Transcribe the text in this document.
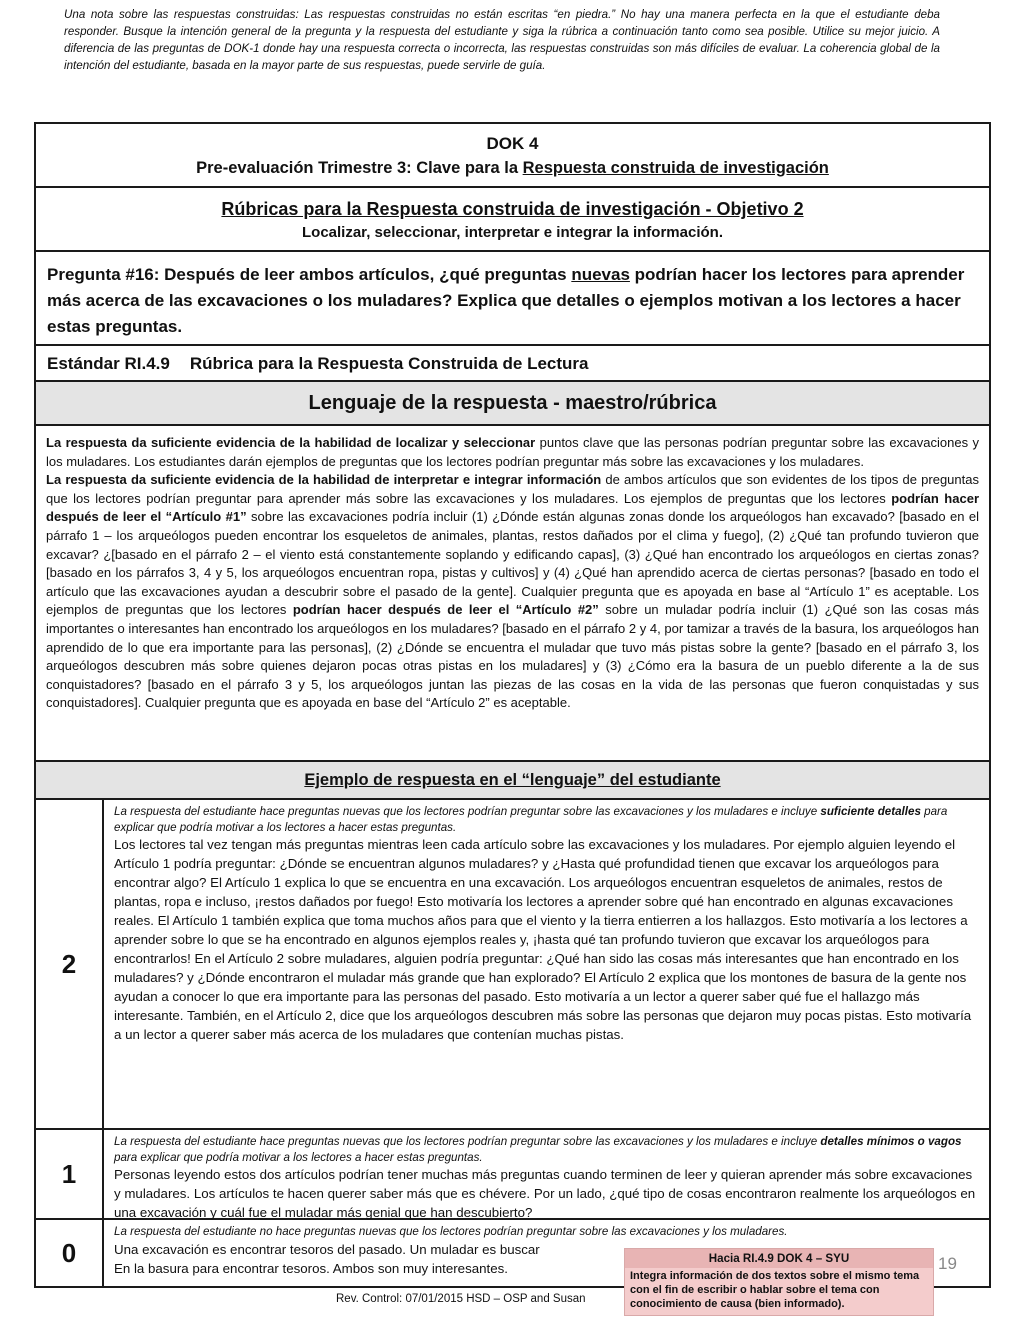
Una nota sobre las respuestas construidas: Las respuestas construidas no están escritas “en piedra.” No hay una manera perfecta en la que el estudiante deba responder. Busque la intención general de la pregunta y la respuesta del estudiante y siga la rúbrica a continuación tanto como sea posible. Utilice su mejor juicio. A diferencia de las preguntas de DOK-1 donde hay una respuesta correcta o incorrecta, las respuestas construidas son más difíciles de evaluar. La coherencia global de la intención del estudiante, basada en la mayor parte de sus respuestas, puede servirle de guía.
DOK 4
Pre-evaluación Trimestre 3: Clave para la Respuesta construida de investigación
Rúbricas para la Respuesta construida de investigación - Objetivo 2
Localizar, seleccionar, interpretar e integrar la información.
Pregunta #16: Después de leer ambos artículos, ¿qué preguntas nuevas podrían hacer los lectores para aprender más acerca de las excavaciones o los muladares? Explica que detalles o ejemplos motivan a los lectores a hacer estas preguntas.
Estándar RI.4.9 Rúbrica para la Respuesta Construida de Lectura
Lenguaje de la respuesta - maestro/rúbrica

La respuesta da suficiente evidencia de la habilidad de localizar y seleccionar puntos clave que las personas podrían preguntar sobre las excavaciones y los muladares. Los estudiantes darán ejemplos de preguntas que los lectores podrían preguntar más sobre las excavaciones y los muladares.

La respuesta da suficiente evidencia de la habilidad de interpretar e integrar información de ambos artículos que son evidentes de los tipos de preguntas que los lectores podrían preguntar para aprender más sobre las excavaciones y los muladares. Los ejemplos de preguntas que los lectores podrían hacer después de leer el “Artículo #1” sobre las excavaciones podría incluir (1) ¿Dónde están algunas zonas donde los arqueólogos han excavado? [basado en el párrafo 1 – los arqueólogos pueden encontrar los esqueletos de animales, plantas, restos dañados por el clima y fuego], (2) ¿Qué tan profundo tuvieron que excavar? ¿[basado en el párrafo 2 – el viento está constantemente soplando y edificando capas], (3) ¿Qué han encontrado los arqueólogos en ciertas zonas? [basado en los párrafos 3, 4 y 5, los arqueólogos encuentran ropa, pistas y cultivos] y (4) ¿Qué han aprendido acerca de ciertas personas? [basado en todo el artículo que las excavaciones ayudan a descubrir sobre el pasado de la gente]. Cualquier pregunta que es apoyada en base al “Artículo 1” es aceptable. Los ejemplos de preguntas que los lectores podrían hacer después de leer el “Artículo #2” sobre un muladar podría incluir (1) ¿Qué son las cosas más importantes o interesantes han encontrado los arqueólogos en los muladares? [basado en el párrafo 2 y 4, por tamizar a través de la basura, los arqueólogos han aprendido de lo que era importante para las personas], (2) ¿Dónde se encuentra el muladar que tuvo más pistas sobre la gente? [basado en el párrafo 3, los arqueólogos descubren más sobre quienes dejaron pocas otras pistas en los muladares] y (3) ¿Cómo era la basura de un pueblo diferente a la de sus conquistadores? [basado en el párrafo 3 y 5, los arqueólogos juntan las piezas de las cosas en la vida de las personas que fueron conquistadas y sus conquistadores]. Cualquier pregunta que es apoyada en base del “Artículo 2” es aceptable.

Ejemplo de respuesta en el “lenguaje” del estudiante
2
La respuesta del estudiante hace preguntas nuevas que los lectores podrían preguntar sobre las excavaciones y los muladares e incluye suficiente detalles para explicar que podría motivar a los lectores a hacer estas preguntas.
Los lectores tal vez tengan más preguntas mientras leen cada artículo sobre las excavaciones y los muladares. Por ejemplo alguien leyendo el Artículo 1 podría preguntar: ¿Dónde se encuentran algunos muladares? y ¿Hasta qué profundidad tienen que excavar los arqueólogos para encontrar algo? El Artículo 1 explica lo que se encuentra en una excavación. Los arqueólogos encuentran esqueletos de animales, restos de plantas, ropa e incluso, ¡restos dañados por fuego! Esto motivaría los lectores a aprender sobre qué han encontrado en algunas excavaciones reales. El Artículo 1 también explica que toma muchos años para que el viento y la tierra entierren a los hallazgos. Esto motivaría a los lectores a aprender sobre lo que se ha encontrado en algunos ejemplos reales y, ¡hasta qué tan profundo tuvieron que excavar los arqueólogos para encontrarlos! En el Artículo 2 sobre muladares, alguien podría preguntar: ¿Qué han sido las cosas más interesantes que han encontrado en los muladares? y ¿Dónde encontraron el muladar más grande que han explorado? El Artículo 2 explica que los montones de basura de la gente nos ayudan a conocer lo que era importante para las personas del pasado. Esto motivaría a un lector a querer saber qué fue el hallazgo más interesante. También, en el Artículo 2, dice que los arqueólogos descubren más sobre las personas que dejaron muy pocas pistas. Esto motivaría a un lector a querer saber más acerca de los muladares que contenían muchas pistas.
1
La respuesta del estudiante hace preguntas nuevas que los lectores podrían preguntar sobre las excavaciones y los muladares e incluye detalles mínimos o vagos para explicar que podría motivar a los lectores a hacer estas preguntas.
Personas leyendo estos dos artículos podrían tener muchas más preguntas cuando terminen de leer y quieran aprender más sobre excavaciones y muladares. Los artículos te hacen querer saber más que es chévere. Por un lado, ¿qué tipo de cosas encontraron realmente los arqueólogos en una excavación y cuál fue el muladar más genial que han descubierto?
0
La respuesta del estudiante no hace preguntas nuevas que los lectores podrían preguntar sobre las excavaciones y los muladares.
Una excavación es encontrar tesoros del pasado. Un muladar es buscar
En la basura para encontrar tesoros. Ambos son muy interesantes.	19
Hacia RI.4.9 DOK 4 – SYU
Integra información de dos textos sobre el mismo tema con el fin de escribir o hablar sobre el tema con conocimiento de causa (bien informado).
Rev. Control: 07/01/2015 HSD – OSP and Susan
